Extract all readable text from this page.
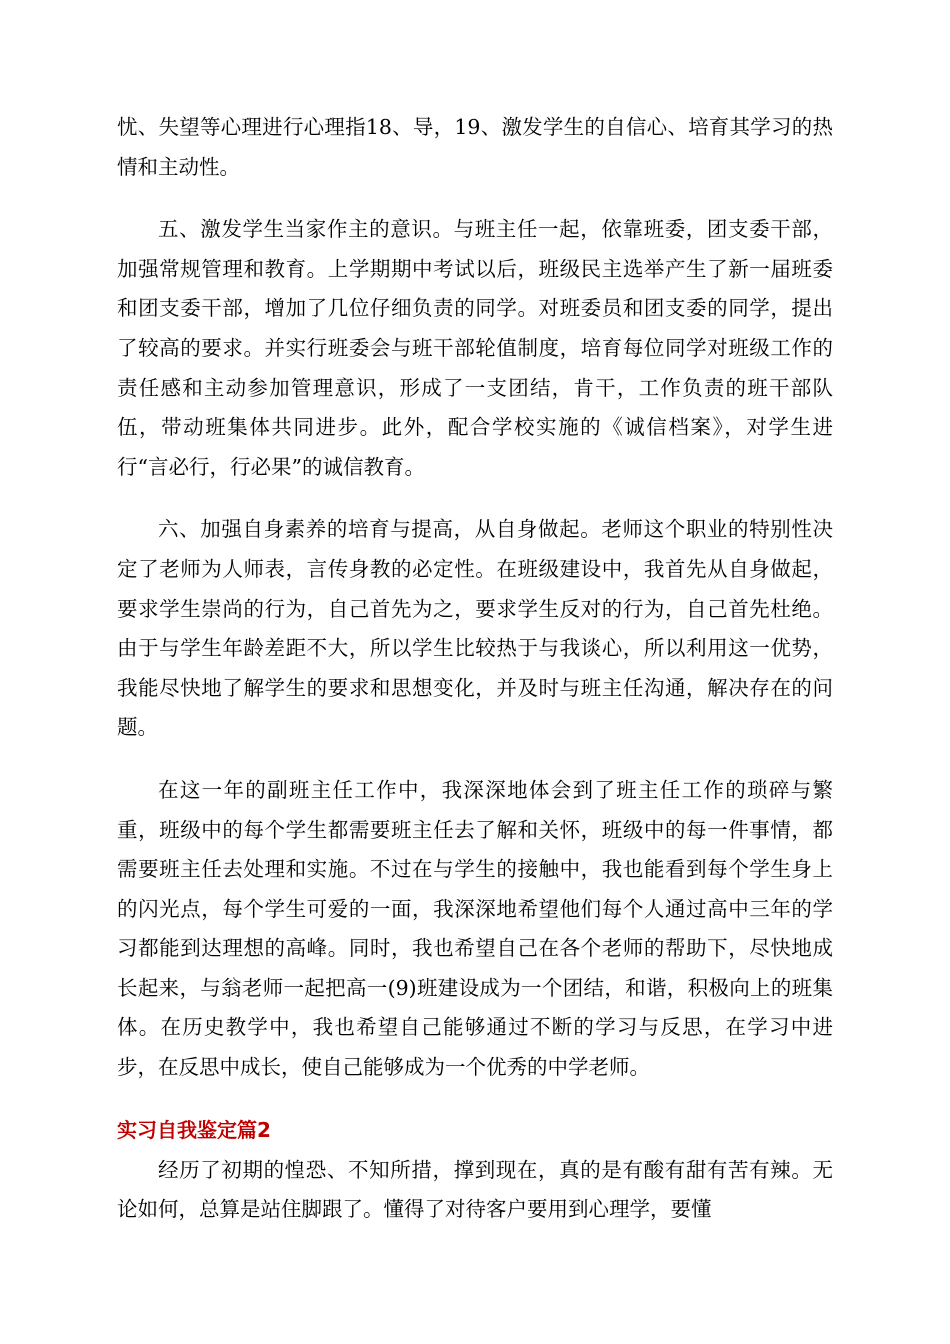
忧、失望等心理进行心理指18、导，19、激发学生的自信心、培育其学习的热情和主动性。

五、激发学生当家作主的意识。与班主任一起，依靠班委，团支委干部，加强常规管理和教育。上学期期中考试以后，班级民主选举产生了新一届班委和团支委干部，增加了几位仔细负责的同学。对班委员和团支委的同学，提出了较高的要求。并实行班委会与班干部轮值制度，培育每位同学对班级工作的责任感和主动参加管理意识，形成了一支团结，肯干，工作负责的班干部队伍，带动班集体共同进步。此外，配合学校实施的《诚信档案》，对学生进行“言必行，行必果”的诚信教育。

六、加强自身素养的培育与提高，从自身做起。老师这个职业的特别性决定了老师为人师表，言传身教的必定性。在班级建设中，我首先从自身做起，要求学生崇尚的行为，自己首先为之，要求学生反对的行为，自己首先杜绝。由于与学生年龄差距不大，所以学生比较热于与我谈心，所以利用这一优势，我能尽快地了解学生的要求和思想变化，并及时与班主任沟通，解决存在的问题。

在这一年的副班主任工作中，我深深地体会到了班主任工作的琐碎与繁重，班级中的每个学生都需要班主任去了解和关怀，班级中的每一件事情，都需要班主任去处理和实施。不过在与学生的接触中，我也能看到每个学生身上的闪光点，每个学生可爱的一面，我深深地希望他们每个人通过高中三年的学习都能到达理想的高峰。同时，我也希望自己在各个老师的帮助下，尽快地成长起来，与翁老师一起把高一(9)班建设成为一个团结，和谐，积极向上的班集体。在历史教学中，我也希望自己能够通过不断的学习与反思，在学习中进步，在反思中成长，使自己能够成为一个优秀的中学老师。

实习自我鉴定篇2

经历了初期的惶恐、不知所措，撑到现在，真的是有酸有甜有苦有辣。无论如何，总算是站住脚跟了。懂得了对待客户要用到心理学，要懂
